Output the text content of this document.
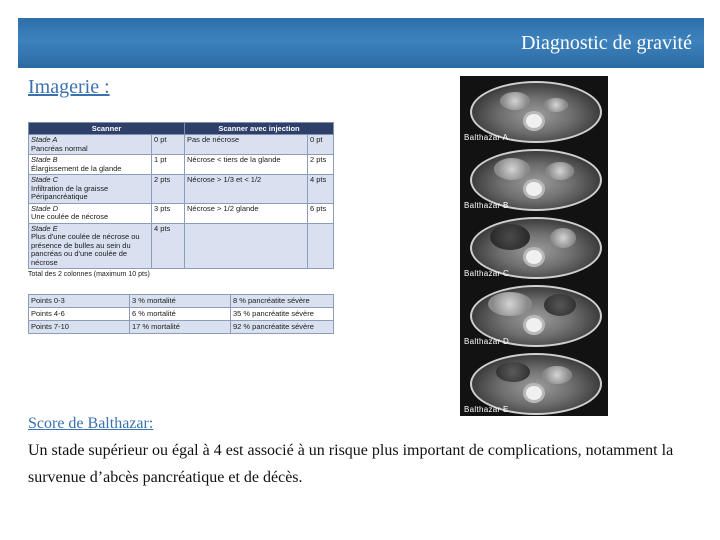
Diagnostic de gravité
Imagerie :
Scanner		Scanner avec injection	
Stade A
Pancréas normal	0 pt	Pas de nécrose	0 pt
Stade B
Élargissement de la glande	1 pt	Nécrose < tiers de la glande	2 pts
Stade C
Infiltration de la graisse Péripancréatique	2 pts	Nécrose > 1/3 et < 1/2	4 pts
Stade D
Une coulée de nécrose	3 pts	Nécrose > 1/2 glande	6 pts
Stade E
Plus d'une coulée de nécrose ou présence de bulles au sein du pancréas ou d'une coulée de nécrose	4 pts		
Total des 2 colonnes (maximum 10 pts)
Points 0-3	3 % mortalité	8 % pancréatite sévère
Points 4-6	6 % mortalité	35 % pancréatite sévère
Points 7-10	17 % mortalité	92 % pancréatite sévère
Balthazar A
Balthazar B
Balthazar C
Balthazar D
Balthazar E
Score de Balthazar:
Un stade supérieur ou égal à 4 est associé à un risque plus important de complications, notamment la survenue d’abcès pancréatique et de décès.
